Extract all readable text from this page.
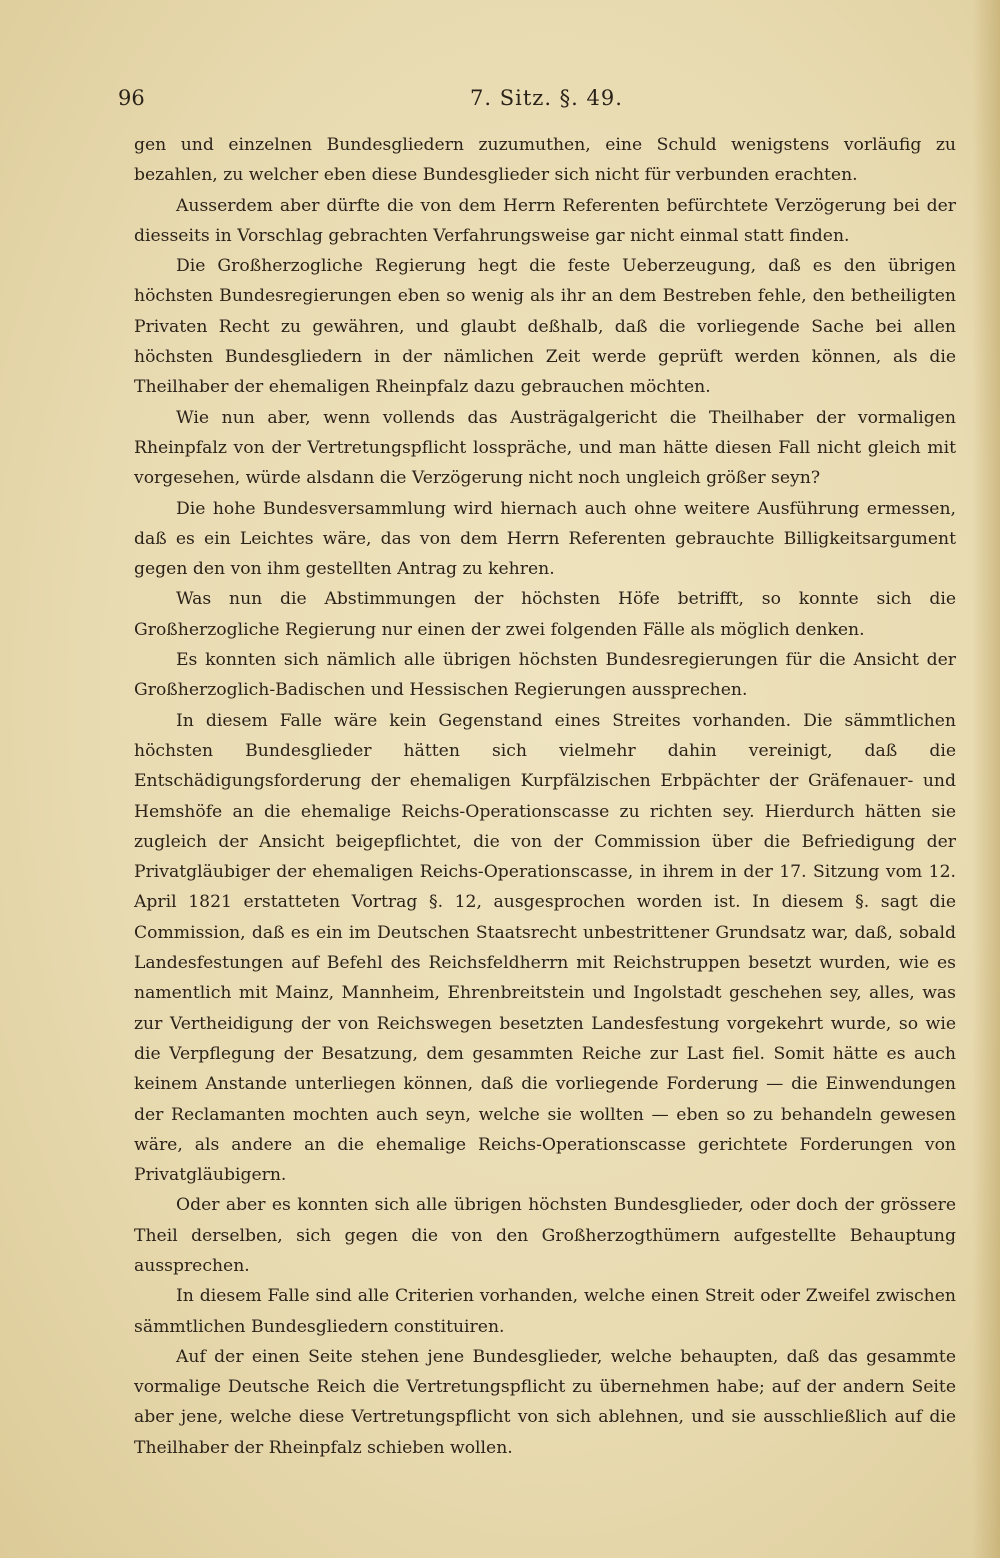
96	7. Sitz. §. 49.

gen und einzelnen Bundesgliedern zuzumuthen, eine Schuld wenigstens vorläufig zu bezahlen, zu welcher eben diese Bundesglieder sich nicht für verbunden erachten.

Ausserdem aber dürfte die von dem Herrn Referenten befürchtete Verzögerung bei der diesseits in Vorschlag gebrachten Verfahrungsweise gar nicht einmal statt finden.

Die Großherzogliche Regierung hegt die feste Ueberzeugung, daß es den übrigen höchsten Bundesregierungen eben so wenig als ihr an dem Bestreben fehle, den betheiligten Privaten Recht zu gewähren, und glaubt deßhalb, daß die vorliegende Sache bei allen höchsten Bundesgliedern in der nämlichen Zeit werde geprüft werden können, als die Theilhaber der ehemaligen Rheinpfalz dazu gebrauchen möchten.

Wie nun aber, wenn vollends das Austrägalgericht die Theilhaber der vormaligen Rheinpfalz von der Vertretungspflicht losspräche, und man hätte diesen Fall nicht gleich mit vorgesehen, würde alsdann die Verzögerung nicht noch ungleich größer seyn?

Die hohe Bundesversammlung wird hiernach auch ohne weitere Ausführung ermessen, daß es ein Leichtes wäre, das von dem Herrn Referenten gebrauchte Billigkeitsargument gegen den von ihm gestellten Antrag zu kehren.

Was nun die Abstimmungen der höchsten Höfe betrifft, so konnte sich die Großherzogliche Regierung nur einen der zwei folgenden Fälle als möglich denken.

Es konnten sich nämlich alle übrigen höchsten Bundesregierungen für die Ansicht der Großherzoglich-Badischen und Hessischen Regierungen aussprechen.

In diesem Falle wäre kein Gegenstand eines Streites vorhanden. Die sämmtlichen höchsten Bundesglieder hätten sich vielmehr dahin vereinigt, daß die Entschädigungsforderung der ehemaligen Kurpfälzischen Erbpächter der Gräfenauer- und Hemshöfe an die ehemalige Reichs-Operationscasse zu richten sey. Hierdurch hätten sie zugleich der Ansicht beigepflichtet, die von der Commission über die Befriedigung der Privatgläubiger der ehemaligen Reichs-Operationscasse, in ihrem in der 17. Sitzung vom 12. April 1821 erstatteten Vortrag §. 12, ausgesprochen worden ist. In diesem §. sagt die Commission, daß es ein im Deutschen Staatsrecht unbestrittener Grundsatz war, daß, sobald Landesfestungen auf Befehl des Reichsfeldherrn mit Reichstruppen besetzt wurden, wie es namentlich mit Mainz, Mannheim, Ehrenbreitstein und Ingolstadt geschehen sey, alles, was zur Vertheidigung der von Reichswegen besetzten Landesfestung vorgekehrt wurde, so wie die Verpflegung der Besatzung, dem gesammten Reiche zur Last fiel. Somit hätte es auch keinem Anstande unterliegen können, daß die vorliegende Forderung — die Einwendungen der Reclamanten mochten auch seyn, welche sie wollten — eben so zu behandeln gewesen wäre, als andere an die ehemalige Reichs-Operationscasse gerichtete Forderungen von Privatgläubigern.

Oder aber es konnten sich alle übrigen höchsten Bundesglieder, oder doch der grössere Theil derselben, sich gegen die von den Großherzogthümern aufgestellte Behauptung aussprechen.

In diesem Falle sind alle Criterien vorhanden, welche einen Streit oder Zweifel zwischen sämmtlichen Bundesgliedern constituiren.

Auf der einen Seite stehen jene Bundesglieder, welche behaupten, daß das gesammte vormalige Deutsche Reich die Vertretungspflicht zu übernehmen habe; auf der andern Seite aber jene, welche diese Vertretungspflicht von sich ablehnen, und sie ausschließlich auf die Theilhaber der Rheinpfalz schieben wollen.
